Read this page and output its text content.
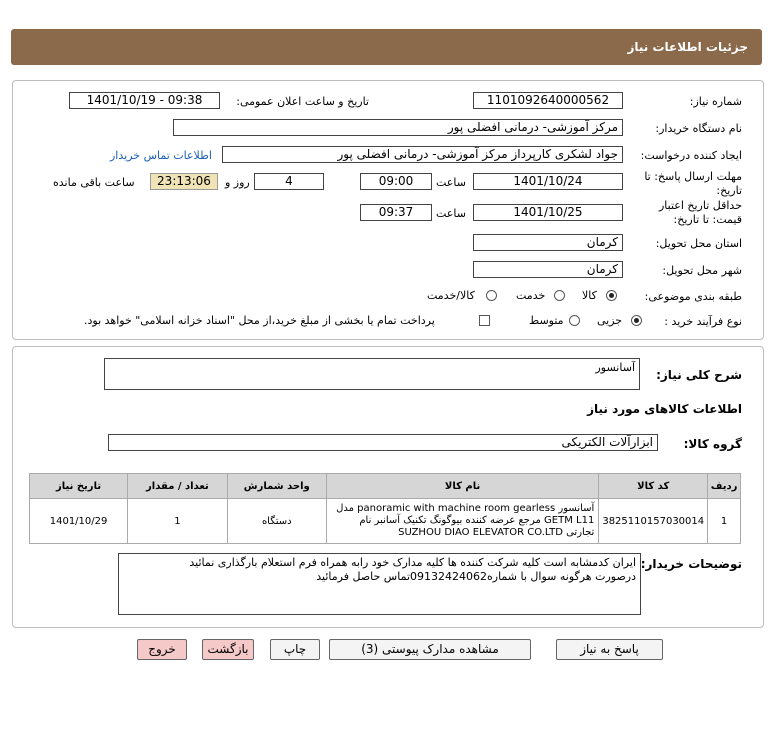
جزئيات اطلاعات نياز
شماره نياز:
1101092640000562
تاريخ و ساعت اعلان عمومی:
1401/10/19 - 09:38
نام دستگاه خريدار:
مرکز آموزشی- درمانی افضلی پور
ايجاد کننده درخواست:
جواد لشکری کارپرداز مرکز آموزشی- درمانی افضلی پور
اطلاعات تماس خريدار
مهلت ارسال پاسخ: تا تاريخ:
1401/10/24
ساعت
09:00
4
روز و
23:13:06
ساعت باقی مانده
حداقل تاريخ اعتبار قيمت: تا تاريخ:
1401/10/25
ساعت
09:37
استان محل تحويل:
کرمان
شهر محل تحويل:
کرمان
طبقه بندی موضوعی:
کالا
خدمت
کالا/خدمت
نوع فرآيند خريد :
جزيی
متوسط
پرداخت تمام يا بخشی از مبلغ خريد،از محل "اسناد خزانه اسلامی" خواهد بود.
شرح کلی نياز:
آسانسور
اطلاعات کالاهای مورد نياز
گروه کالا:
ابزارآلات الکتريکی
تاريخ نياز	تعداد / مقدار	واحد شمارش	نام کالا	کد کالا	رديف
1401/10/29	1	دستگاه	آسانسور panoramic with machine room gearless مدل
GETM L11 مرجع عرضه کننده بیوگونگ تکنیک آسانبر نام
تجارتی SUZHOU DIAO ELEVATOR CO.LTD	3825110157030014	1
توضيحات خريدار:
ایران کدمشابه است کلیه شرکت کننده ها کلیه مدارک خود رابه همراه فرم استعلام بارگذاری نمائید
درصورت هرگونه سوال با شماره09132424062تماس حاصل فرمائید
پاسخ به نياز
مشاهده مدارک پيوستی (3)
چاپ
بازگشت
خروج
